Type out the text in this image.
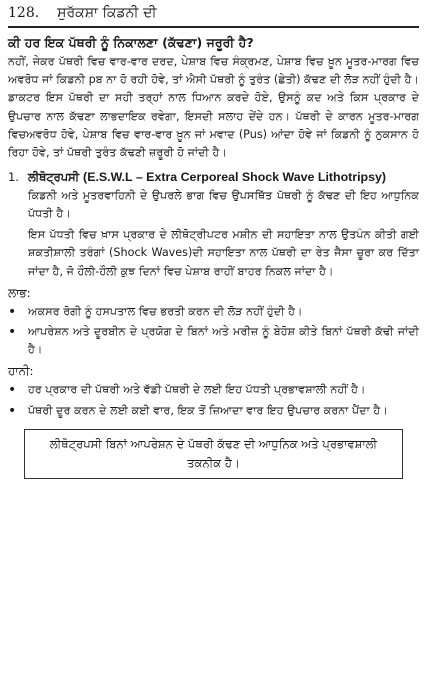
128. ਸੁਰੱਕਸ਼ਾ ਕਿਡਨੀ ਦੀ
ਕੀ ਹਰ ਇਕ ਪੱਥਰੀ ਨੂੰ ਨਿਕਾਲਣਾ (ਕੱਢਣਾ) ਜਰੂਰੀ ਹੈ?
ਨਹੀਂ, ਜੇਕਰ ਪੱਥਰੀ ਵਿਚ ਵਾਰ-ਵਾਰ ਦਰਦ, ਪੇਸ਼ਾਬ ਵਿਚ ਸੰਕ੍ਰਮਣ, ਪੇਸ਼ਾਬ ਵਿਚ ਖ਼ੂਨ ਮੂਤਰ-ਮਾਰਗ ਵਿਚ ਅਵਰੋਧ ਜਾਂ ਕਿਡਨੀ pਬ ਨਾ ਹੋ ਰਹੀ ਹੋਵੇ, ਤਾਂ ਐਸੀ ਪੱਥਰੀ ਨੂੰ ਤੁਰੰਤ (ਛੇਤੀ) ਕੱਢਣ ਦੀ ਲੋੜ ਨਹੀਂ ਹੁੰਦੀ ਹੈ। ਡਾਕਟਰ ਇਸ ਪੱਥਰੀ ਦਾ ਸਹੀ ਤਰ੍ਹਾਂ ਨਾਲ ਧਿਆਨ ਕਰਦੇ ਹੋਏ, ਉਸਨੂੰ ਕਦ ਅਤੇ ਕਿਸ ਪ੍ਰਕਾਰ ਦੇ ਉਪਚਾਰ ਨਾਲ ਕੱਢਣਾ ਲਾਭਦਾਇਕ ਰਵੇਗਾ, ਇਸਦੀ ਸਲਾਹ ਦੇਂਦੇ ਹਨ। ਪੱਥਰੀ ਦੇ ਕਾਰਨ ਮੂਤਰ-ਮਾਰਗ ਵਿਚਅਵਰੋਧ ਹੋਵੇ, ਪੇਸ਼ਾਬ ਵਿਚ ਵਾਰ-ਵਾਰ ਖ਼ੂਨ ਜਾਂ ਮਵਾਦ (Pus) ਆਂਦਾ ਹੋਵੇ ਜਾਂ ਕਿਡਨੀ ਨੂੰ ਨੁਕਸਾਨ ਹੋ ਰਿਹਾ ਹੋਵੇ, ਤਾਂ ਪੱਥਰੀ ਤੁਰੰਤ ਕੱਢਣੀ ਜ਼ਰੂਰੀ ਹੋ ਜਾਂਦੀ ਹੈ।
1. ਲੀਥੋਟ੍ਰਪਸੀ (E.S.W.L – Extra Cerporeal Shock Wave Lithotripsy)

ਕਿਡਨੀ ਅਤੇ ਮੂਤਰਵਾਹਿਨੀ ਦੇ ਉਪਰਲੇ ਭਾਗ ਵਿਚ ਉਪਸਥਿੱਤ ਪੱਥਰੀ ਨੂੰ ਕੱਢਣ ਦੀ ਇਹ ਆਧੁਨਿਕ ਪੱਧਤੀ ਹੈ।

ਇਸ ਪੱਧਤੀ ਵਿਚ ਖ਼ਾਸ ਪ੍ਰਕਾਰ ਦੇ ਲੀਥੋਟ੍ਰੀਪਟਰ ਮਸ਼ੀਨ ਦੀ ਸਹਾਇਤਾ ਨਾਲ ਉਤਪੰਨ ਕੀਤੀ ਗਈ ਸ਼ਕਤੀਸ਼ਾਲੀ ਤਰੰਗਾਂ (Shock Waves)ਦੀ ਸਹਾਇਤਾ ਨਾਲ ਪੱਥਰੀ ਦਾ ਰੇਤ ਜੈਸਾ ਚੂਰਾ ਕਰ ਦਿੱਤਾ ਜਾਂਦਾ ਹੈ, ਜੋ ਹੌਲੀ-ਹੌਲੀ ਕੁਝ ਦਿਨਾਂ ਵਿਚ ਪੇਸ਼ਾਬ ਰਾਹੀਂ ਬਾਹਰ ਨਿਕਲ ਜਾਂਦਾ ਹੈ।

ਲਾਭ:
•	ਅਕਸਰ ਰੋਗੀ ਨੂੰ ਹਸਪਤਾਲ ਵਿਚ ਭਰਤੀ ਕਰਨ ਦੀ ਲੋੜ ਨਹੀਂ ਹੁੰਦੀ ਹੈ।
•	ਆਪਰੇਸ਼ਨ ਅਤੇ ਦੂਰਬੀਨ ਦੇ ਪ੍ਰਯੋਗ ਦੇ ਬਿਨਾਂ ਅਤੇ ਮਰੀਜ਼ ਨੂੰ ਬੇਹੋਸ਼ ਕੀਤੇ ਬਿਨਾਂ ਪੱਥਰੀ ਕੱਢੀ ਜਾਂਦੀ ਹੈ।
ਹਾਨੀ:
•	ਹਰ ਪ੍ਰਕਾਰ ਦੀ ਪੱਥਰੀ ਅਤੇ ਵੱਡੀ ਪੱਥਰੀ ਦੇ ਲਈ ਇਹ ਪੱਧਤੀ ਪ੍ਰਭਾਵਸ਼ਾਲੀ ਨਹੀਂ ਹੈ।
•	ਪੱਥਰੀ ਦੂਰ ਕਰਨ ਦੇ ਲਈ ਕਈ ਵਾਰ, ਇਕ ਤੋਂ ਜ਼ਿਆਦਾ ਵਾਰ ਇਹ ਉਪਚਾਰ ਕਰਨਾ ਪੈਂਦਾ ਹੈ।
ਲੀਥੋਟ੍ਰਪਸੀ ਬਿਨਾਂ ਆਪਰੇਸ਼ਨ ਦੇ ਪੱਥਰੀ ਕੱਢਣ ਦੀ ਆਧੁਨਿਕ ਅਤੇ ਪ੍ਰਭਾਵਸ਼ਾਲੀ ਤਕਨੀਕ ਹੈ।
